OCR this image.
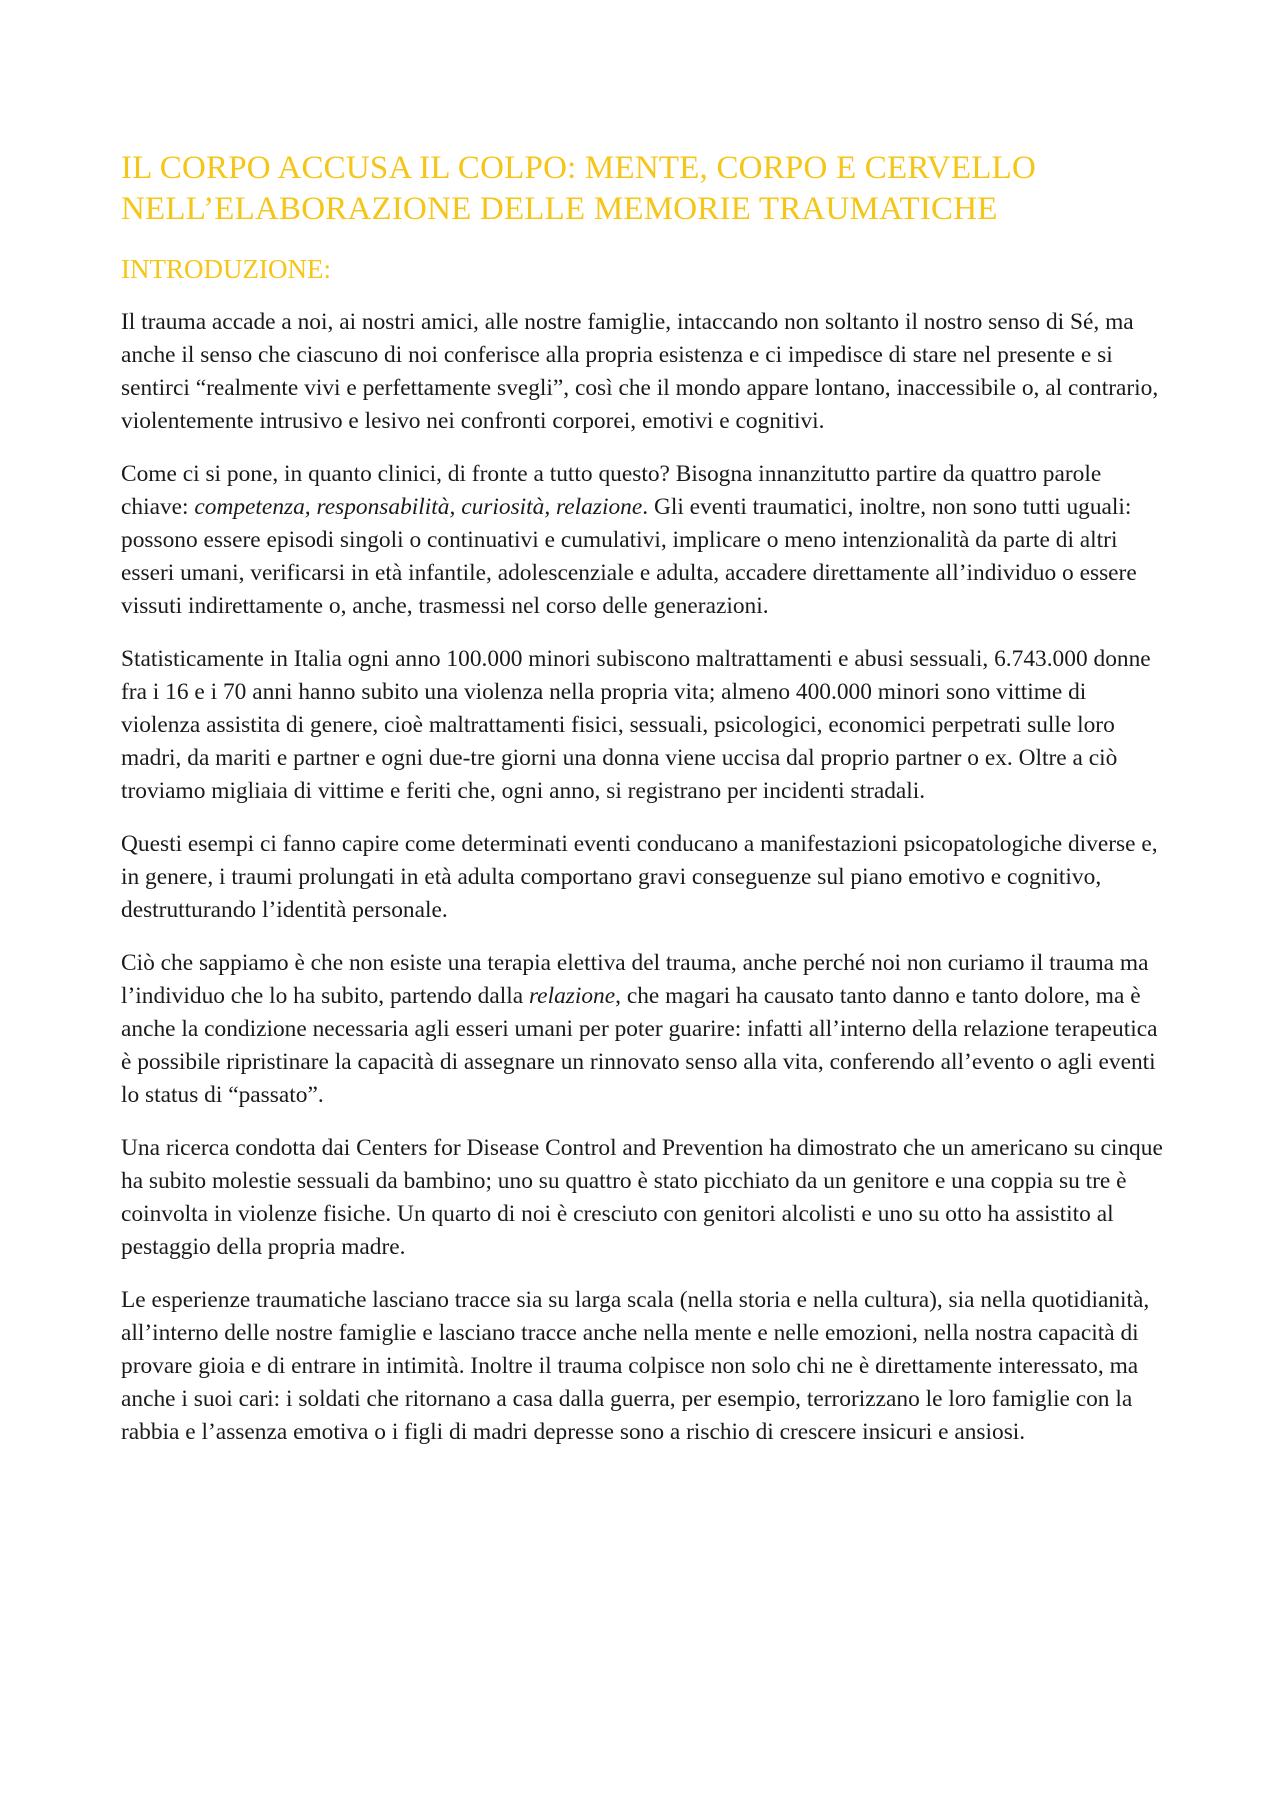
IL CORPO ACCUSA IL COLPO: MENTE, CORPO E CERVELLO
NELL’ELABORAZIONE DELLE MEMORIE TRAUMATICHE
INTRODUZIONE:

Il trauma accade a noi, ai nostri amici, alle nostre famiglie, intaccando non soltanto il nostro senso di Sé, ma anche il senso che ciascuno di noi conferisce alla propria esistenza e ci impedisce di stare nel presente e si sentirci “realmente vivi e perfettamente svegli”, così che il mondo appare lontano, inaccessibile o, al contrario, violentemente intrusivo e lesivo nei confronti corporei, emotivi e cognitivi.

Come ci si pone, in quanto clinici, di fronte a tutto questo? Bisogna innanzitutto partire da quattro parole chiave: competenza, responsabilità, curiosità, relazione. Gli eventi traumatici, inoltre, non sono tutti uguali: possono essere episodi singoli o continuativi e cumulativi, implicare o meno intenzionalità da parte di altri esseri umani, verificarsi in età infantile, adolescenziale e adulta, accadere direttamente all’individuo o essere vissuti indirettamente o, anche, trasmessi nel corso delle generazioni.

Statisticamente in Italia ogni anno 100.000 minori subiscono maltrattamenti e abusi sessuali, 6.743.000 donne fra i 16 e i 70 anni hanno subito una violenza nella propria vita; almeno 400.000 minori sono vittime di violenza assistita di genere, cioè maltrattamenti fisici, sessuali, psicologici, economici perpetrati sulle loro madri, da mariti e partner e ogni due-tre giorni una donna viene uccisa dal proprio partner o ex. Oltre a ciò troviamo migliaia di vittime e feriti che, ogni anno, si registrano per incidenti stradali.

Questi esempi ci fanno capire come determinati eventi conducano a manifestazioni psicopatologiche diverse e, in genere, i traumi prolungati in età adulta comportano gravi conseguenze sul piano emotivo e cognitivo, destrutturando l’identità personale.

Ciò che sappiamo è che non esiste una terapia elettiva del trauma, anche perché noi non curiamo il trauma ma l’individuo che lo ha subito, partendo dalla relazione, che magari ha causato tanto danno e tanto dolore, ma è anche la condizione necessaria agli esseri umani per poter guarire: infatti all’interno della relazione terapeutica è possibile ripristinare la capacità di assegnare un rinnovato senso alla vita, conferendo all’evento o agli eventi lo status di “passato”.

Una ricerca condotta dai Centers for Disease Control and Prevention ha dimostrato che un americano su cinque ha subito molestie sessuali da bambino; uno su quattro è stato picchiato da un genitore e una coppia su tre è coinvolta in violenze fisiche. Un quarto di noi è cresciuto con genitori alcolisti e uno su otto ha assistito al pestaggio della propria madre.

Le esperienze traumatiche lasciano tracce sia su larga scala (nella storia e nella cultura), sia nella quotidianità, all’interno delle nostre famiglie e lasciano tracce anche nella mente e nelle emozioni, nella nostra capacità di provare gioia e di entrare in intimità. Inoltre il trauma colpisce non solo chi ne è direttamente interessato, ma anche i suoi cari: i soldati che ritornano a casa dalla guerra, per esempio, terrorizzano le loro famiglie con la rabbia e l’assenza emotiva o i figli di madri depresse sono a rischio di crescere insicuri e ansiosi.
